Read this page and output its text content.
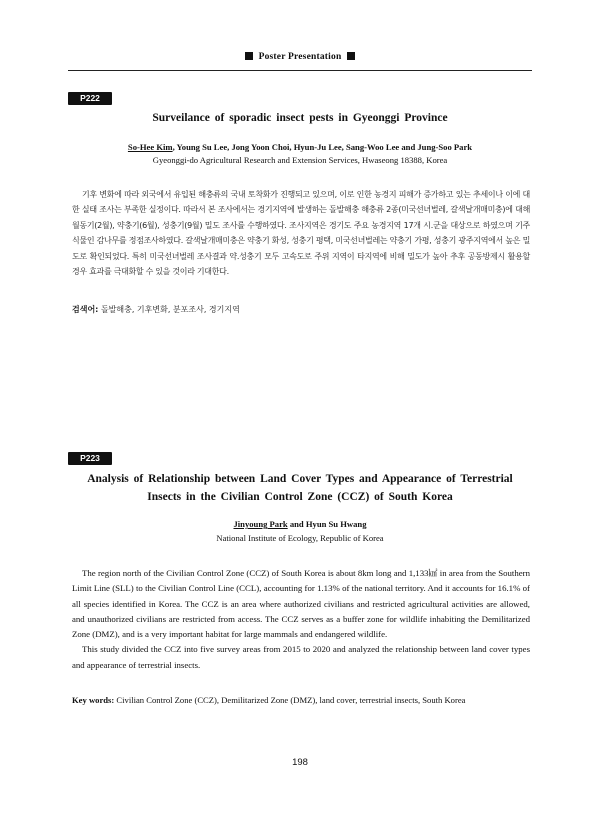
Poster Presentation
P222
Surveilance of sporadic insect pests in Gyeonggi Province
So-Hee Kim, Young Su Lee, Jong Yoon Choi, Hyun-Ju Lee, Sang-Woo Lee and Jung-Soo Park
Gyeonggi-do Agricultural Research and Extension Services, Hwaseong 18388, Korea

기후 변화에 따라 외국에서 유입된 해충류의 국내 토착화가 진행되고 있으며, 이로 인한 농경지 피해가 증가하고 있는 추세이나 이에 대한 실태 조사는 부족한 실정이다. 따라서 본 조사에서는 경기지역에 발생하는 돌발해충 해충류 2종(미국선녀벌레, 갈색날개매미충)에 대해 월동기(2월), 약충기(6월), 성충기(9월) 밀도 조사를 수행하였다. 조사지역은 경기도 주요 농경지역 17개 시.군을 대상으로 하였으며 기주 식물인 감나무를 정점조사하였다. 갈색날개매미충은 약충기 화성, 성충기 평택, 미국선녀벌레는 약충기 가평, 성충기 광주지역에서 높은 밀도로 확인되었다. 특히 미국선녀벌레 조사결과 약.성충기 모두 고속도로 주위 지역이 타지역에 비해 밀도가 높아 추후 공동방제시 활용할 경우 효과를 극대화할 수 있을 것이라 기대한다.

검색어: 돌발해충, 기후변화, 분포조사, 경기지역
P223
Analysis of Relationship between Land Cover Types and Appearance of Terrestrial
Insects in the Civilian Control Zone (CCZ) of South Korea
Jinyoung Park and Hyun Su Hwang
National Institute of Ecology, Republic of Korea

The region north of the Civilian Control Zone (CCZ) of South Korea is about 8km long and 1,133㎢ in area from the Southern Limit Line (SLL) to the Civilian Control Line (CCL), accounting for 1.13% of the national territory. And it accounts for 16.1% of all species identified in Korea. The CCZ is an area where authorized civilians and restricted agricultural activities are allowed, and unauthorized civilians are restricted from access. The CCZ serves as a buffer zone for wildlife inhabiting the Demilitarized Zone (DMZ), and is a very important habitat for large mammals and endangered wildlife.

This study divided the CCZ into five survey areas from 2015 to 2020 and analyzed the relationship between land cover types and appearance of terrestrial insects.

Key words: Civilian Control Zone (CCZ), Demilitarized Zone (DMZ), land cover, terrestrial insects, South Korea
198
